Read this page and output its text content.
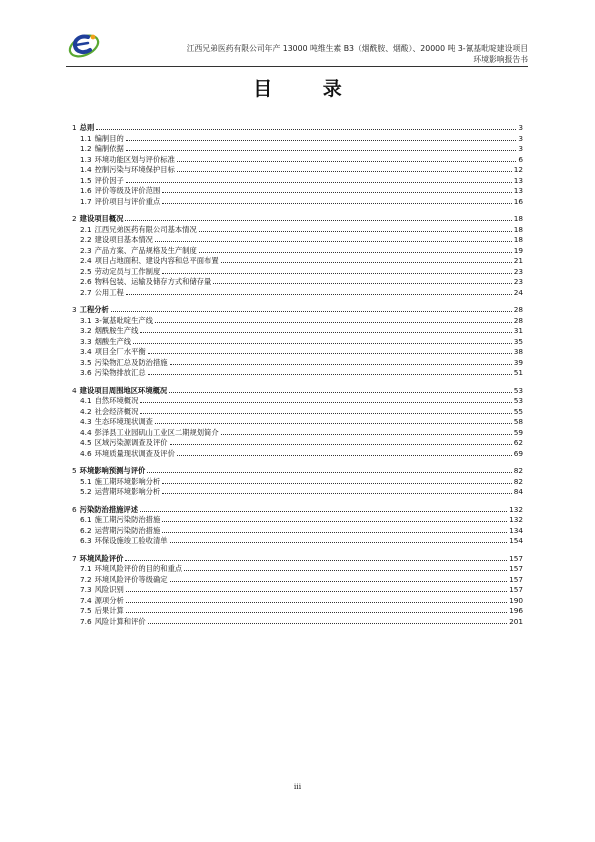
江西兄弟医药有限公司年产 13000 吨维生素 B3（烟酰胺、烟酸）、20000 吨 3-氰基吡啶建设项目
环境影响报告书
目 录
1 总则	3
1.1 编制目的	3
1.2 编制依据	3
1.3 环境功能区划与评价标准	6
1.4 控制污染与环境保护目标	12
1.5 评价因子	13
1.6 评价等级及评价范围	13
1.7 评价项目与评价重点	16
2 建设项目概况	18
2.1 江西兄弟医药有限公司基本情况	18
2.2 建设项目基本情况	18
2.3 产品方案、产品规格及生产制度	19
2.4 项目占地面积、建设内容和总平面布置	21
2.5 劳动定员与工作制度	23
2.6 物料包装、运输及储存方式和储存量	23
2.7 公用工程	24
3 工程分析	28
3.1 3-氰基吡啶生产线	28
3.2 烟酰胺生产线	31
3.3 烟酸生产线	35
3.4 项目全厂水平衡	38
3.5 污染物汇总及防治措施	39
3.6 污染物排放汇总	51
4 建设项目周围地区环境概况	53
4.1 自然环境概况	53
4.2 社会经济概况	55
4.3 生态环境现状调查	58
4.4 彭泽县工业园矶山工业区二期规划简介	59
4.5 区域污染源调查及评价	62
4.6 环境质量现状调查及评价	69
5 环境影响预测与评价	82
5.1 施工期环境影响分析	82
5.2 运营期环境影响分析	84
6 污染防治措施评述	132
6.1 施工期污染防治措施	132
6.2 运营期污染防治措施	134
6.3 环保设施竣工验收清单	154
7 环境风险评价	157
7.1 环境风险评价的目的和重点	157
7.2 环境风险评价等级确定	157
7.3 风险识别	157
7.4 源项分析	190
7.5 后果计算	196
7.6 风险计算和评价	201
iii
